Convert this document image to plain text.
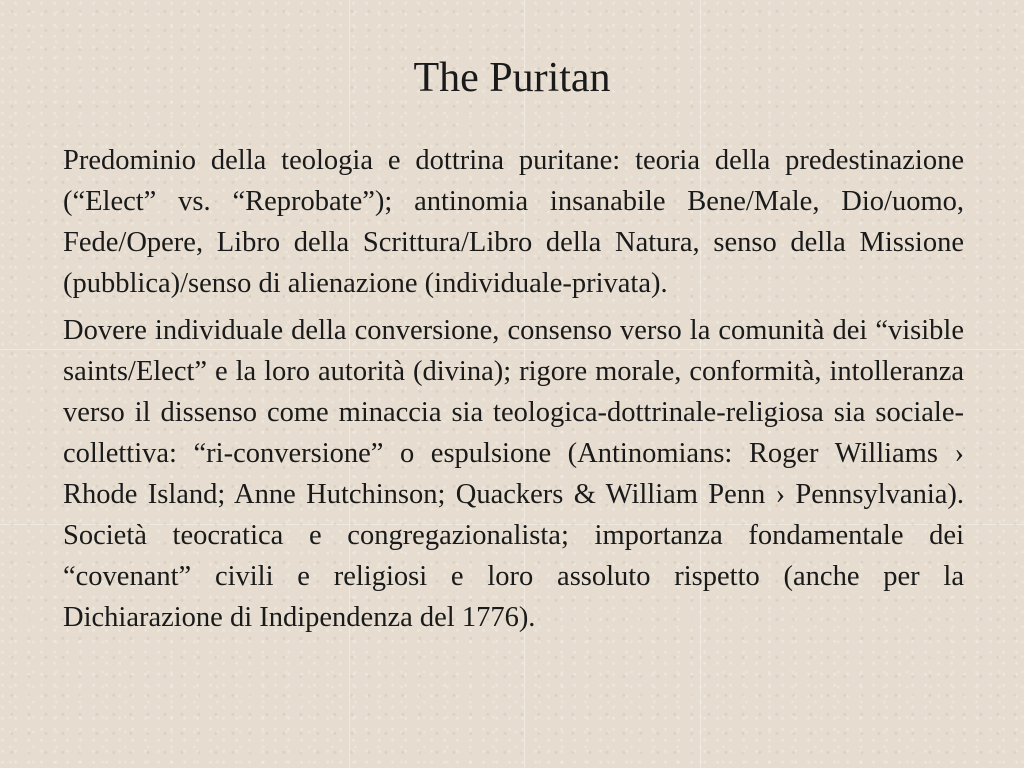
The Puritan

Predominio della teologia e dottrina puritane: teoria della predestinazione (“Elect” vs. “Reprobate”); antinomia insanabile Bene/Male, Dio/uomo, Fede/Opere, Libro della Scrittura/Libro della Natura, senso della Missione (pubblica)/senso di alienazione (individuale-privata).

Dovere individuale della conversione, consenso verso la comunità dei “visible saints/Elect” e la loro autorità (divina); rigore morale, conformità, intolleranza verso il dissenso come minaccia sia teologica-dottrinale-religiosa sia sociale-collettiva: “ri-conversione” o espulsione (Antinomians: Roger Williams › Rhode Island; Anne Hutchinson; Quackers & William Penn › Pennsylvania). Società teocratica e congregazionalista; importanza fondamentale dei “covenant” civili e religiosi e loro assoluto rispetto (anche per la Dichiarazione di Indipendenza del 1776).
